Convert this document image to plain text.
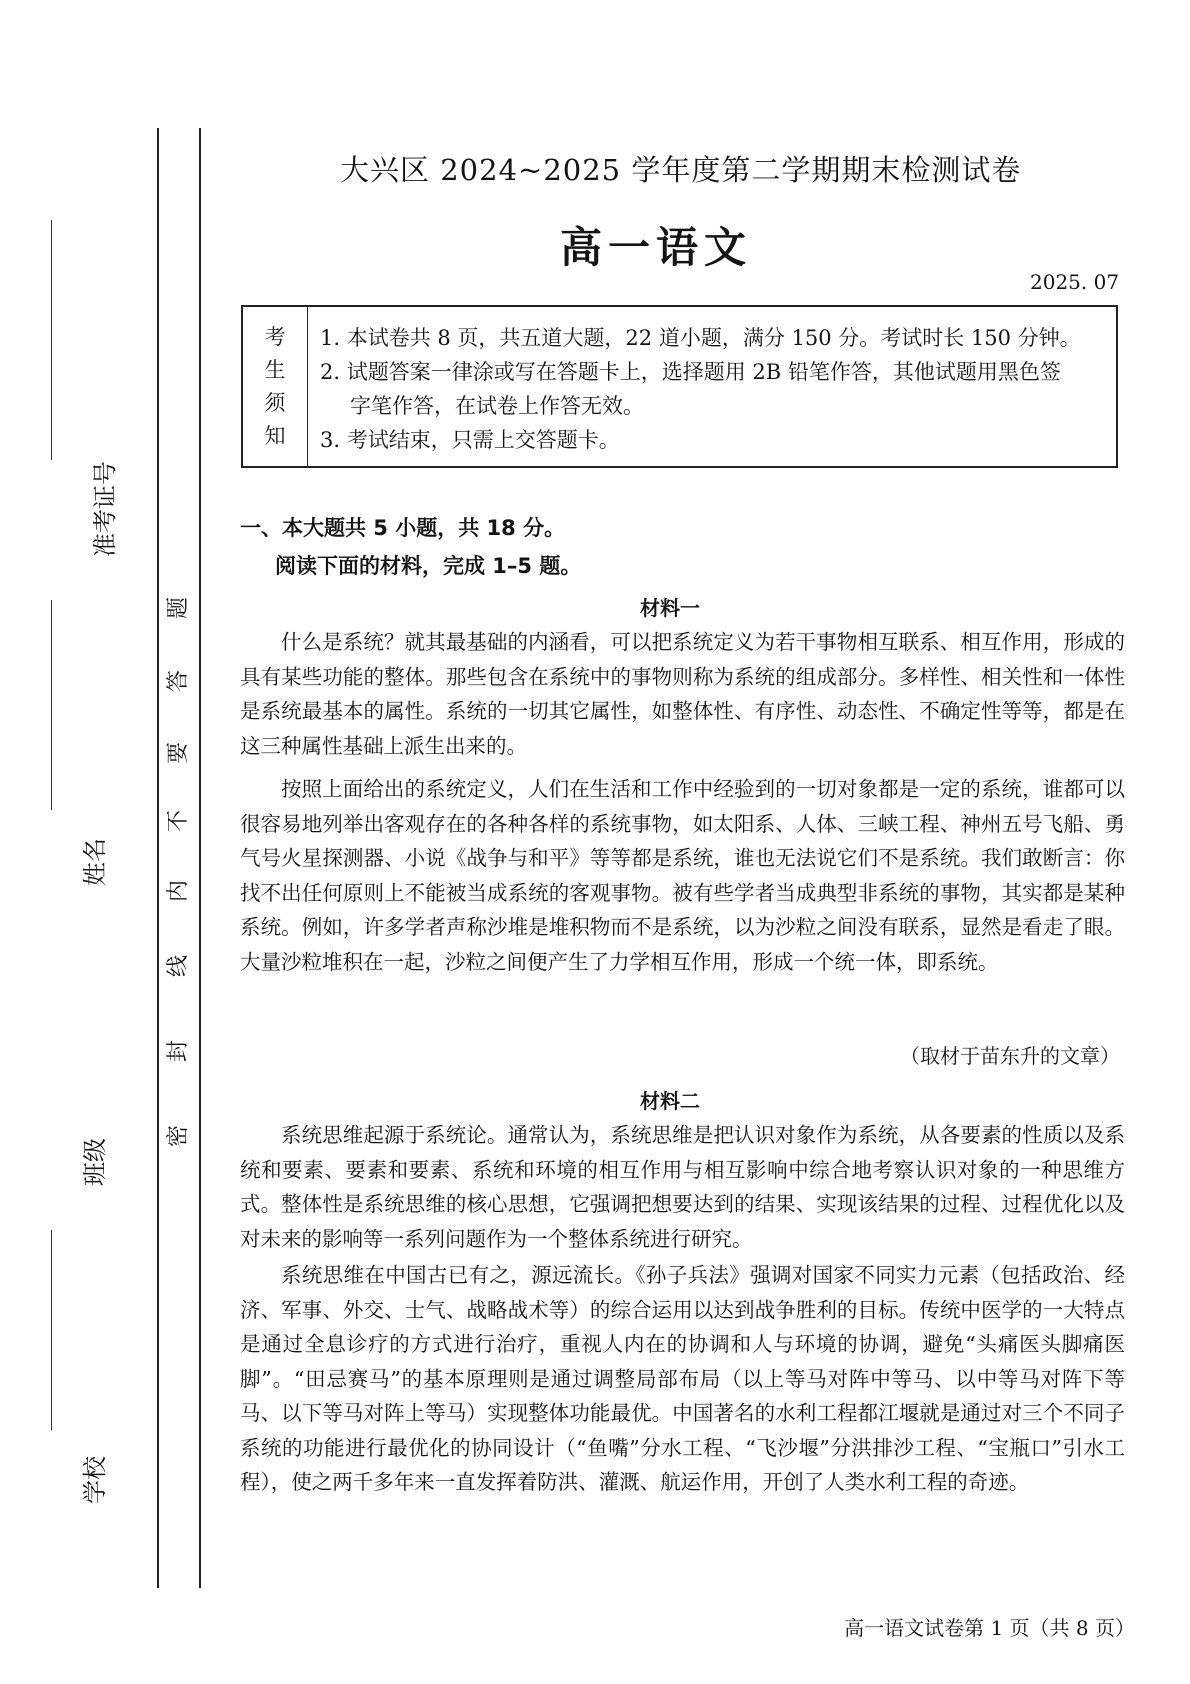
准考证号
姓名
班级
学校
密
封
线
内
不
要
答
题
大兴区 2024~2025 学年度第二学期期末检测试卷
高一语文
2025. 07
考
生
须
知
1. 本试卷共 8 页，共五道大题，22 道小题，满分 150 分。考试时长 150 分钟。
2. 试题答案一律涂或写在答题卡上，选择题用 2B 铅笔作答，其他试题用黑色签
字笔作答，在试卷上作答无效。
3. 考试结束，只需上交答题卡。
一、本大题共 5 小题，共 18 分。
阅读下面的材料，完成 1–5 题。
材料一

什么是系统？就其最基础的内涵看，可以把系统定义为若干事物相互联系、相互作用，形成的具有某些功能的整体。那些包含在系统中的事物则称为系统的组成部分。多样性、相关性和一体性是系统最基本的属性。系统的一切其它属性，如整体性、有序性、动态性、不确定性等等，都是在这三种属性基础上派生出来的。

按照上面给出的系统定义，人们在生活和工作中经验到的一切对象都是一定的系统，谁都可以很容易地列举出客观存在的各种各样的系统事物，如太阳系、人体、三峡工程、神州五号飞船、勇气号火星探测器、小说《战争与和平》等等都是系统，谁也无法说它们不是系统。我们敢断言：你找不出任何原则上不能被当成系统的客观事物。被有些学者当成典型非系统的事物，其实都是某种系统。例如，许多学者声称沙堆是堆积物而不是系统，以为沙粒之间没有联系，显然是看走了眼。大量沙粒堆积在一起，沙粒之间便产生了力学相互作用，形成一个统一体，即系统。

（取材于苗东升的文章）
材料二

系统思维起源于系统论。通常认为，系统思维是把认识对象作为系统，从各要素的性质以及系统和要素、要素和要素、系统和环境的相互作用与相互影响中综合地考察认识对象的一种思维方式。整体性是系统思维的核心思想，它强调把想要达到的结果、实现该结果的过程、过程优化以及对未来的影响等一系列问题作为一个整体系统进行研究。

系统思维在中国古已有之，源远流长。《孙子兵法》强调对国家不同实力元素（包括政治、经济、军事、外交、士气、战略战术等）的综合运用以达到战争胜利的目标。传统中医学的一大特点是通过全息诊疗的方式进行治疗，重视人内在的协调和人与环境的协调，避免“头痛医头脚痛医脚”。“田忌赛马”的基本原理则是通过调整局部布局（以上等马对阵中等马、以中等马对阵下等马、以下等马对阵上等马）实现整体功能最优。中国著名的水利工程都江堰就是通过对三个不同子系统的功能进行最优化的协同设计（“鱼嘴”分水工程、“飞沙堰”分洪排沙工程、“宝瓶口”引水工程），使之两千多年来一直发挥着防洪、灌溉、航运作用，开创了人类水利工程的奇迹。

高一语文试卷第 1 页（共 8 页）
